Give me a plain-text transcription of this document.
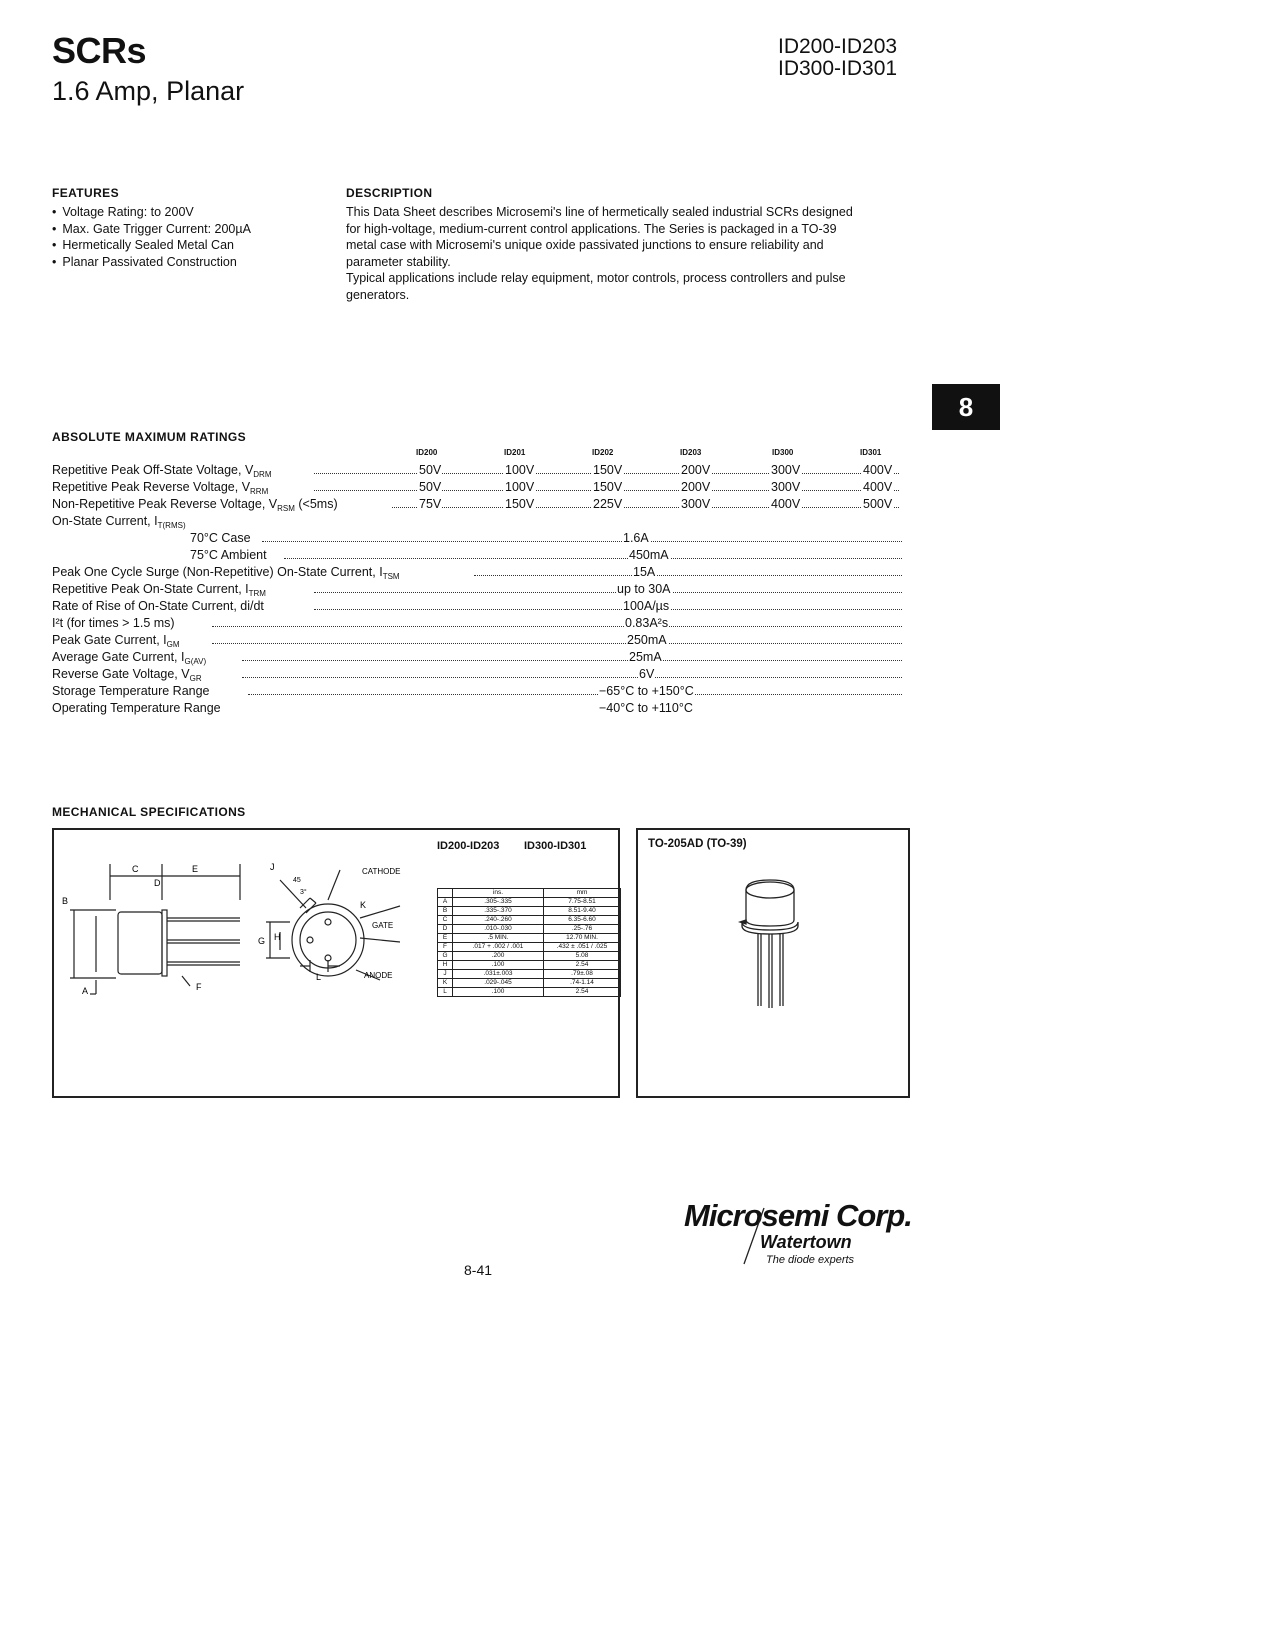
SCRs
1.6 Amp, Planar
ID200-ID203
ID300-ID301
FEATURES
• Voltage Rating: to 200V
• Max. Gate Trigger Current: 200µA
• Hermetically Sealed Metal Can
• Planar Passivated Construction
DESCRIPTION

This Data Sheet describes Microsemi's line of hermetically sealed industrial SCRs designed for high-voltage, medium-current control applications. The Series is packaged in a TO-39 metal case with Microsemi's unique oxide passivated junctions to ensure reliability and parameter stability.

Typical applications include relay equipment, motor controls, process controllers and pulse generators.

8
ABSOLUTE MAXIMUM RATINGS
ID200	ID201	ID202	ID203	ID300	ID301
Repetitive Peak Off-State Voltage, $V_{DRM}$	50V	100V	150V	200V	300V	400V
Repetitive Peak Reverse Voltage, $V_{RRM}$	50V	100V	150V	200V	300V	400V
Non-Repetitive Peak Reverse Voltage, $V_{RSM}$ (<5ms)	75V	150V	225V	300V	400V	500V
On-State Current, $I_{T(RMS)}$
70°C Case	1.6A
75°C Ambient	450mA
Peak One Cycle Surge (Non-Repetitive) On-State Current, $I_{TSM}$	15A
Repetitive Peak On-State Current, $I_{TRM}$	up to 30A
Rate of Rise of On-State Current, di/dt	100A/µs
I²t (for times > 1.5 ms)	0.83A²s
Peak Gate Current, $I_{GM}$	250mA
Average Gate Current, $I_{G(AV)}$	25mA
Reverse Gate Voltage, $V_{GR}$	6V
Storage Temperature Range	−65°C to +150°C
Operating Temperature Range	−40°C to +110°C
MECHANICAL SPECIFICATIONS
ID200-ID203 ID300-ID301
C
D
E
B
A	F
J
45
3°
CATHODE
K
GATE
ANODE
G H
L
	ins.	mm
A	.305-.335	7.75-8.51
B	.335-.370	8.51-9.40
C	.240-.260	6.35-6.60
D	.010-.030	.25-.76
E	.5 MIN.	12.70 MIN.
F	.017 + .002 / .001	.432 ± .051 / .025
G	.200	5.08
H	.100	2.54
J	.031±.003	.79±.08
K	.029-.045	.74-1.14
L	.100	2.54
TO-205AD (TO-39)
8-41
Microsemi Corp.
Watertown
The diode experts
